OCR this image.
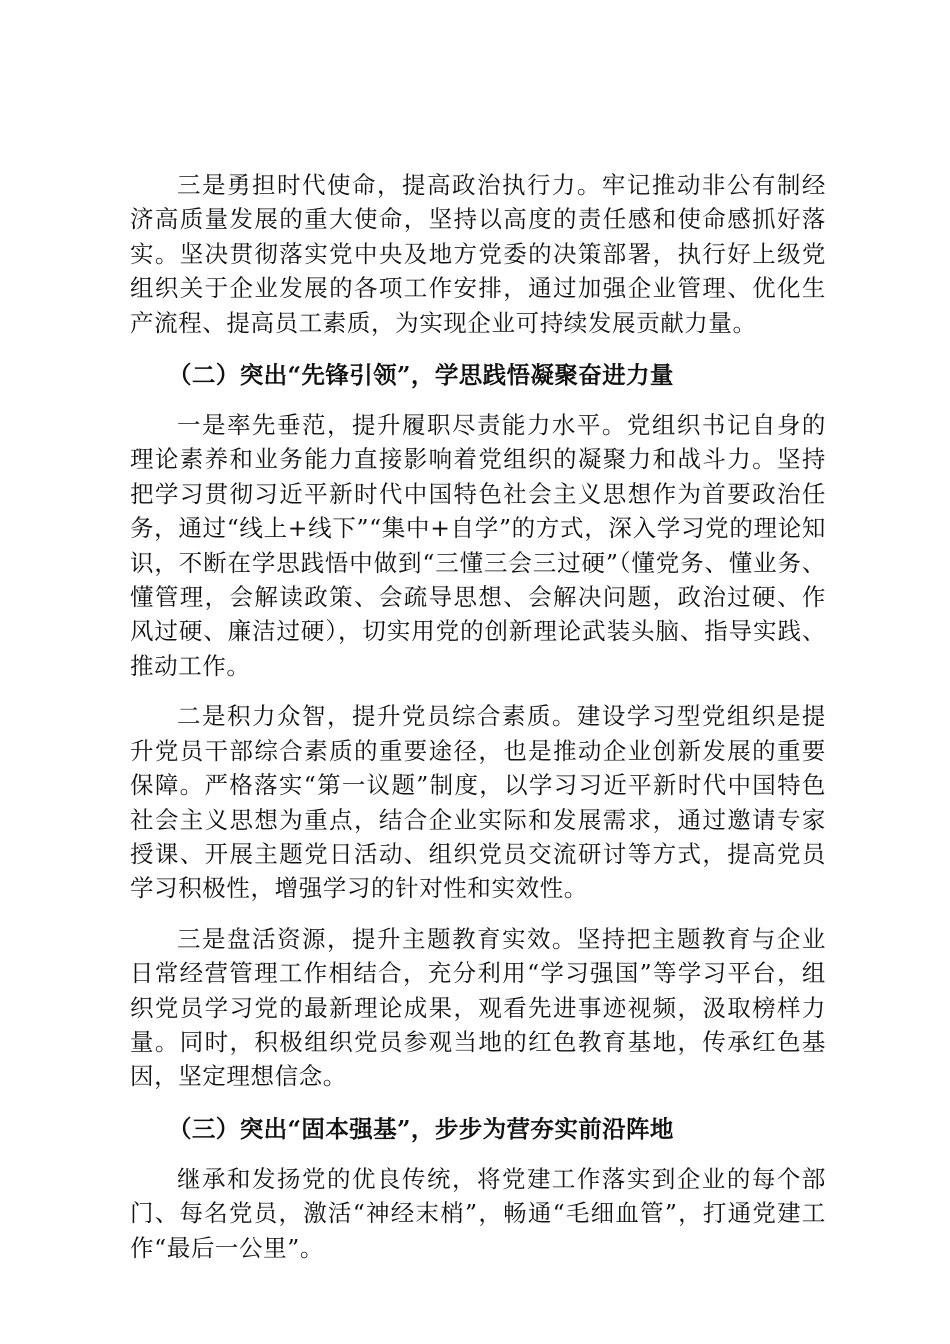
三是勇担时代使命，提高政治执行力。牢记推动非公有制经济高质量发展的重大使命，坚持以高度的责任感和使命感抓好落实。坚决贯彻落实党中央及地方党委的决策部署，执行好上级党组织关于企业发展的各项工作安排，通过加强企业管理、优化生产流程、提高员工素质，为实现企业可持续发展贡献力量。

（二）突出“先锋引领”，学思践悟凝聚奋进力量

一是率先垂范，提升履职尽责能力水平。党组织书记自身的理论素养和业务能力直接影响着党组织的凝聚力和战斗力。坚持把学习贯彻习近平新时代中国特色社会主义思想作为首要政治任务，通过“线上+线下”“集中+自学”的方式，深入学习党的理论知识，不断在学思践悟中做到“三懂三会三过硬”（懂党务、懂业务、懂管理，会解读政策、会疏导思想、会解决问题，政治过硬、作风过硬、廉洁过硬），切实用党的创新理论武装头脑、指导实践、推动工作。

二是积力众智，提升党员综合素质。建设学习型党组织是提升党员干部综合素质的重要途径，也是推动企业创新发展的重要保障。严格落实“第一议题”制度，以学习习近平新时代中国特色社会主义思想为重点，结合企业实际和发展需求，通过邀请专家授课、开展主题党日活动、组织党员交流研讨等方式，提高党员学习积极性，增强学习的针对性和实效性。

三是盘活资源，提升主题教育实效。坚持把主题教育与企业日常经营管理工作相结合，充分利用“学习强国”等学习平台，组织党员学习党的最新理论成果，观看先进事迹视频，汲取榜样力量。同时，积极组织党员参观当地的红色教育基地，传承红色基因，坚定理想信念。

（三）突出“固本强基”，步步为营夯实前沿阵地

继承和发扬党的优良传统，将党建工作落实到企业的每个部门、每名党员，激活“神经末梢”，畅通“毛细血管”，打通党建工作“最后一公里”。
